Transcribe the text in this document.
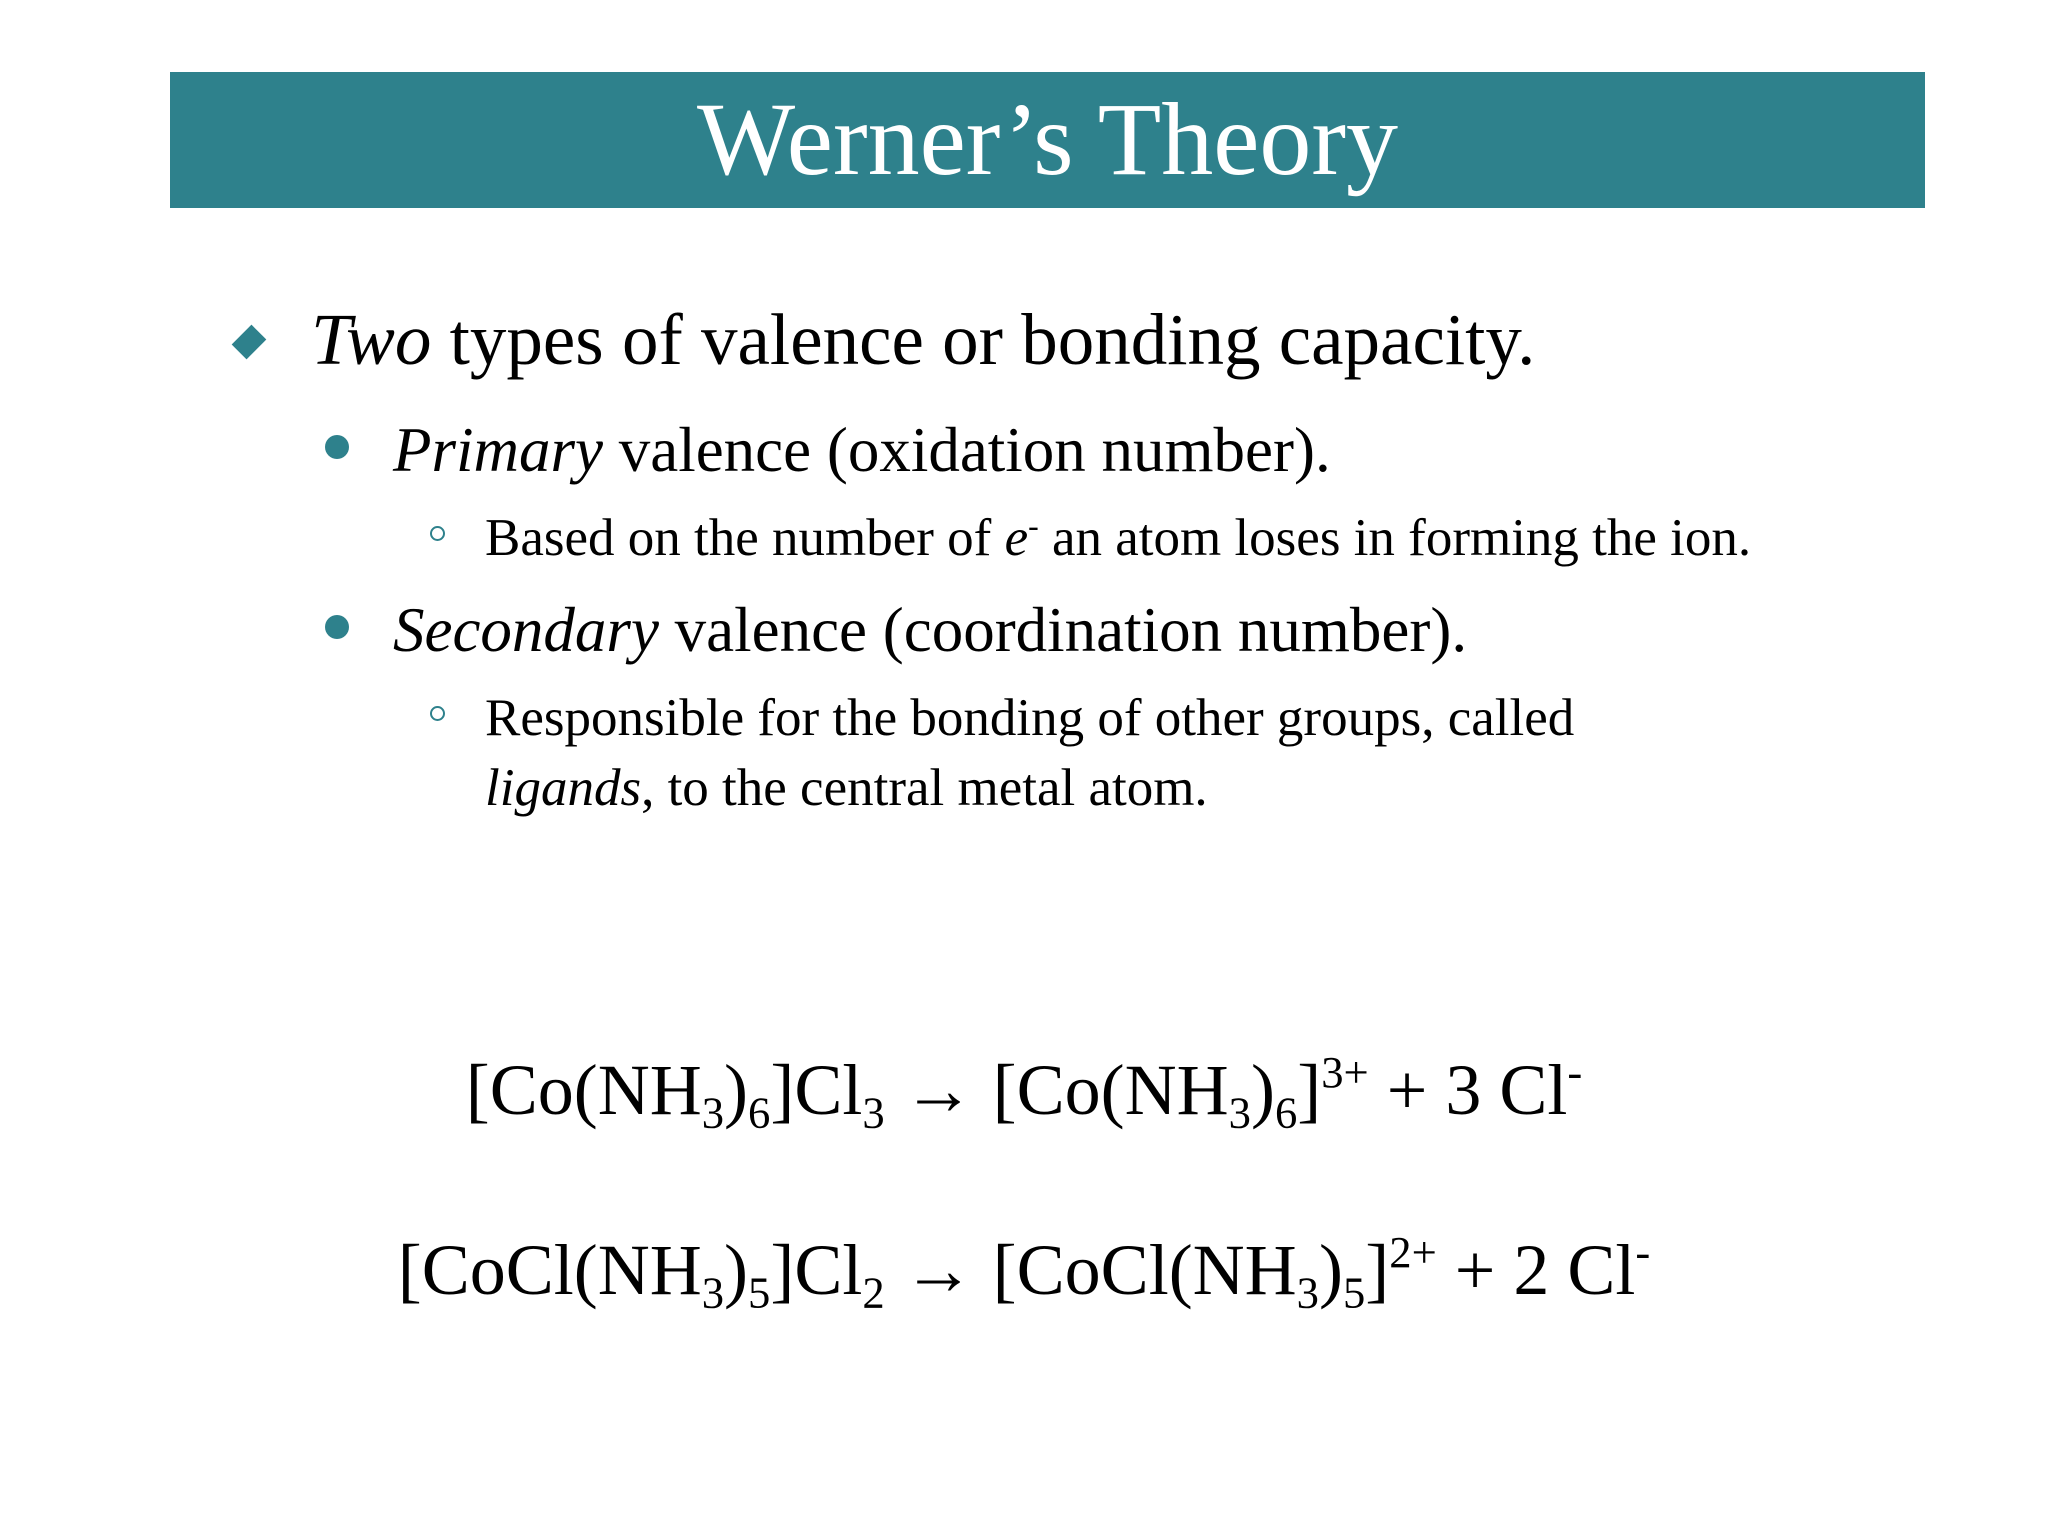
Werner’s Theory
Two types of valence or bonding capacity.
Primary valence (oxidation number).
Based on the number of e- an atom loses in forming the ion.
Secondary valence (coordination number).
Responsible for the bonding of other groups, called
ligands, to the central metal atom.
$[Co(NH_3)_6]Cl_3 \to [Co(NH_3)_6]^{3+} + 3$ Cl-
$[CoCl(NH_3)_5]Cl_2$ → $[CoCl(NH_3)_5]^{2+} + 2$ Cl-
